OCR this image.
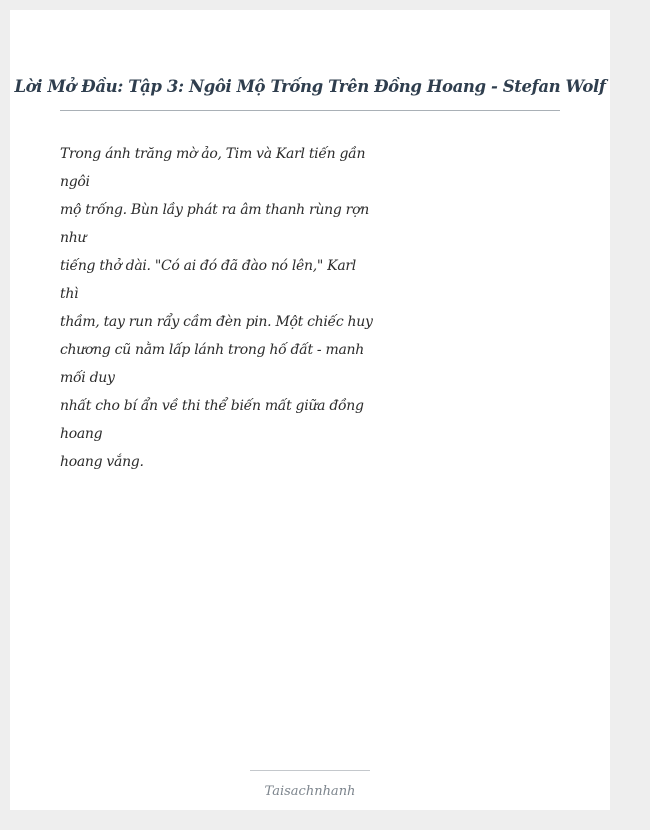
Lời Mở Đầu: Tập 3: Ngôi Mộ Trống Trên Đồng Hoang - Stefan Wolf
Trong ánh trăng mờ ảo, Tim và Karl tiến gần
ngôi
mộ trống. Bùn lầy phát ra âm thanh rùng rợn
như
tiếng thở dài. "Có ai đó đã đào nó lên," Karl
thì
thầm, tay run rẩy cầm đèn pin. Một chiếc huy
chương cũ nằm lấp lánh trong hố đất - manh
mối duy
nhất cho bí ẩn về thi thể biến mất giữa đồng
hoang
hoang vắng.
Taisachnhanh
